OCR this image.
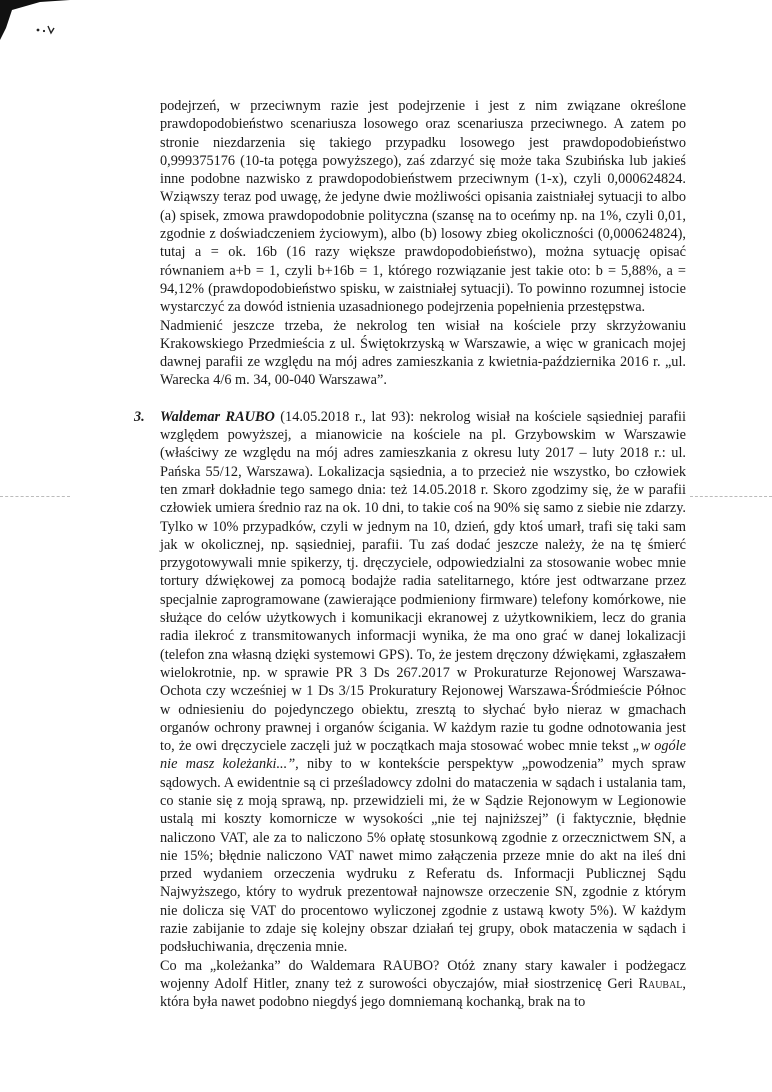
podejrzeń, w przeciwnym razie jest podejrzenie i jest z nim związane określone prawdopodobieństwo scenariusza losowego oraz scenariusza przeciwnego. A zatem po stronie niezdarzenia się takiego przypadku losowego jest prawdopodobieństwo 0,999375176 (10-ta potęga powyższego), zaś zdarzyć się może taka Szubińska lub jakieś inne podobne nazwisko z prawdopodobieństwem przeciwnym (1-x), czyli 0,000624824. Wziąwszy teraz pod uwagę, że jedyne dwie możliwości opisania zaistniałej sytuacji to albo (a) spisek, zmowa prawdopodobnie polityczna (szansę na to oceńmy np. na 1%, czyli 0,01, zgodnie z doświadczeniem życiowym), albo (b) losowy zbieg okoliczności (0,000624824), tutaj a = ok. 16b (16 razy większe prawdopodobieństwo), można sytuację opisać równaniem a+b = 1, czyli b+16b = 1, którego rozwiązanie jest takie oto: b = 5,88%, a = 94,12% (prawdopodobieństwo spisku, w zaistniałej sytuacji). To powinno rozumnej istocie wystarczyć za dowód istnienia uzasadnionego podejrzenia popełnienia przestępstwa.

Nadmienić jeszcze trzeba, że nekrolog ten wisiał na kościele przy skrzyżowaniu Krakowskiego Przedmieścia z ul. Świętokrzyską w Warszawie, a więc w granicach mojej dawnej parafii ze względu na mój adres zamieszkania z kwietnia-października 2016 r. „ul. Warecka 4/6 m. 34, 00-040 Warszawa”.

3. Waldemar RAUBO (14.05.2018 r., lat 93): nekrolog wisiał na kościele sąsiedniej parafii względem powyższej, a mianowicie na kościele na pl. Grzybowskim w Warszawie (właściwy ze względu na mój adres zamieszkania z okresu luty 2017 – luty 2018 r.: ul. Pańska 55/12, Warszawa). Lokalizacja sąsiednia, a to przecież nie wszystko, bo człowiek ten zmarł dokładnie tego samego dnia: też 14.05.2018 r. Skoro zgodzimy się, że w parafii człowiek umiera średnio raz na ok. 10 dni, to takie coś na 90% się samo z siebie nie zdarzy. Tylko w 10% przypadków, czyli w jednym na 10, dzień, gdy ktoś umarł, trafi się taki sam jak w okolicznej, np. sąsiedniej, parafii. Tu zaś dodać jeszcze należy, że na tę śmierć przygotowywali mnie spikerzy, tj. dręczyciele, odpowiedzialni za stosowanie wobec mnie tortury dźwiękowej za pomocą bodajże radia satelitarnego, które jest odtwarzane przez specjalnie zaprogramowane (zawierające podmieniony firmware) telefony komórkowe, nie służące do celów użytkowych i komunikacji ekranowej z użytkownikiem, lecz do grania radia ilekroć z transmitowanych informacji wynika, że ma ono grać w danej lokalizacji (telefon zna własną dzięki systemowi GPS). To, że jestem dręczony dźwiękami, zgłaszałem wielokrotnie, np. w sprawie PR 3 Ds 267.2017 w Prokuraturze Rejonowej Warszawa-Ochota czy wcześniej w 1 Ds 3/15 Prokuratury Rejonowej Warszawa-Śródmieście Północ w odniesieniu do pojedynczego obiektu, zresztą to słychać było nieraz w gmachach organów ochrony prawnej i organów ścigania. W każdym razie tu godne odnotowania jest to, że owi dręczyciele zaczęli już w początkach maja stosować wobec mnie tekst „w ogóle nie masz koleżanki...”, niby to w kontekście perspektyw „powodzenia” mych spraw sądowych. A ewidentnie są ci prześladowcy zdolni do mataczenia w sądach i ustalania tam, co stanie się z moją sprawą, np. przewidzieli mi, że w Sądzie Rejonowym w Legionowie ustalą mi koszty komornicze w wysokości „nie tej najniższej” (i faktycznie, błędnie naliczono VAT, ale za to naliczono 5% opłatę stosunkową zgodnie z orzecznictwem SN, a nie 15%; błędnie naliczono VAT nawet mimo załączenia przeze mnie do akt na ileś dni przed wydaniem orzeczenia wydruku z Referatu ds. Informacji Publicznej Sądu Najwyższego, który to wydruk prezentował najnowsze orzeczenie SN, zgodnie z którym nie dolicza się VAT do procentowo wyliczonej zgodnie z ustawą kwoty 5%). W każdym razie zabijanie to zdaje się kolejny obszar działań tej grupy, obok mataczenia w sądach i podsłuchiwania, dręczenia mnie.

Co ma „koleżanka” do Waldemara RAUBO? Otóż znany stary kawaler i podżegacz wojenny Adolf Hitler, znany też z surowości obyczajów, miał siostrzenicę Geri Raubal, która była nawet podobno niegdyś jego domniemaną kochanką, brak na to
